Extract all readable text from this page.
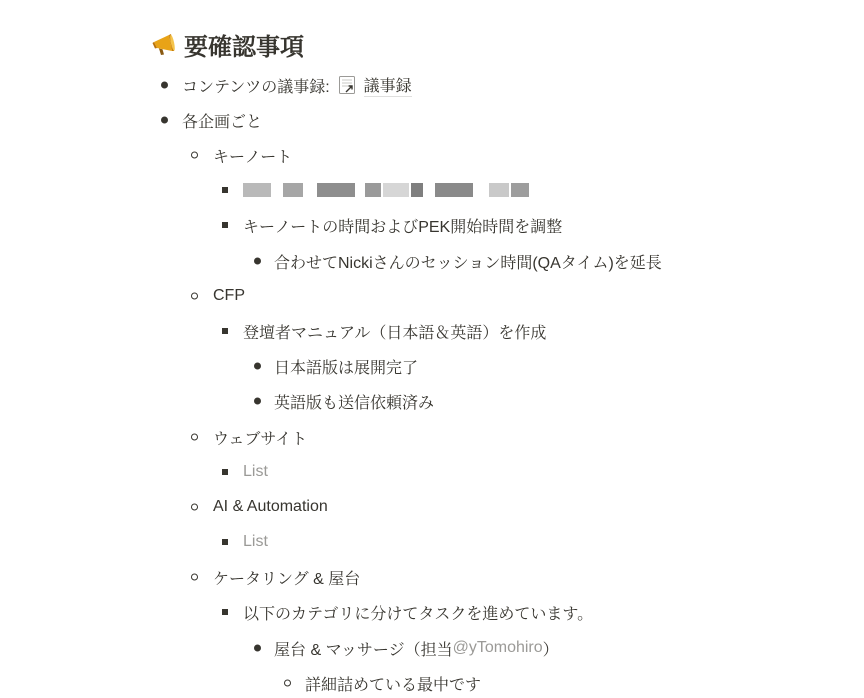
要確認事項
コンテンツの議事録: 議事録
各企画ごと
キーノート
キーノートの時間およびPEK開始時間を調整
合わせてNickiさんのセッション時間(QAタイム)を延長
CFP
登壇者マニュアル（日本語＆英語）を作成
日本語版は展開完了
英語版も送信依頼済み
ウェブサイト
List
AI & Automation
List
ケータリング & 屋台
以下のカテゴリに分けてタスクを進めています。
屋台 & マッサージ（担当 @yTomohiro ）
詳細詰めている最中です
